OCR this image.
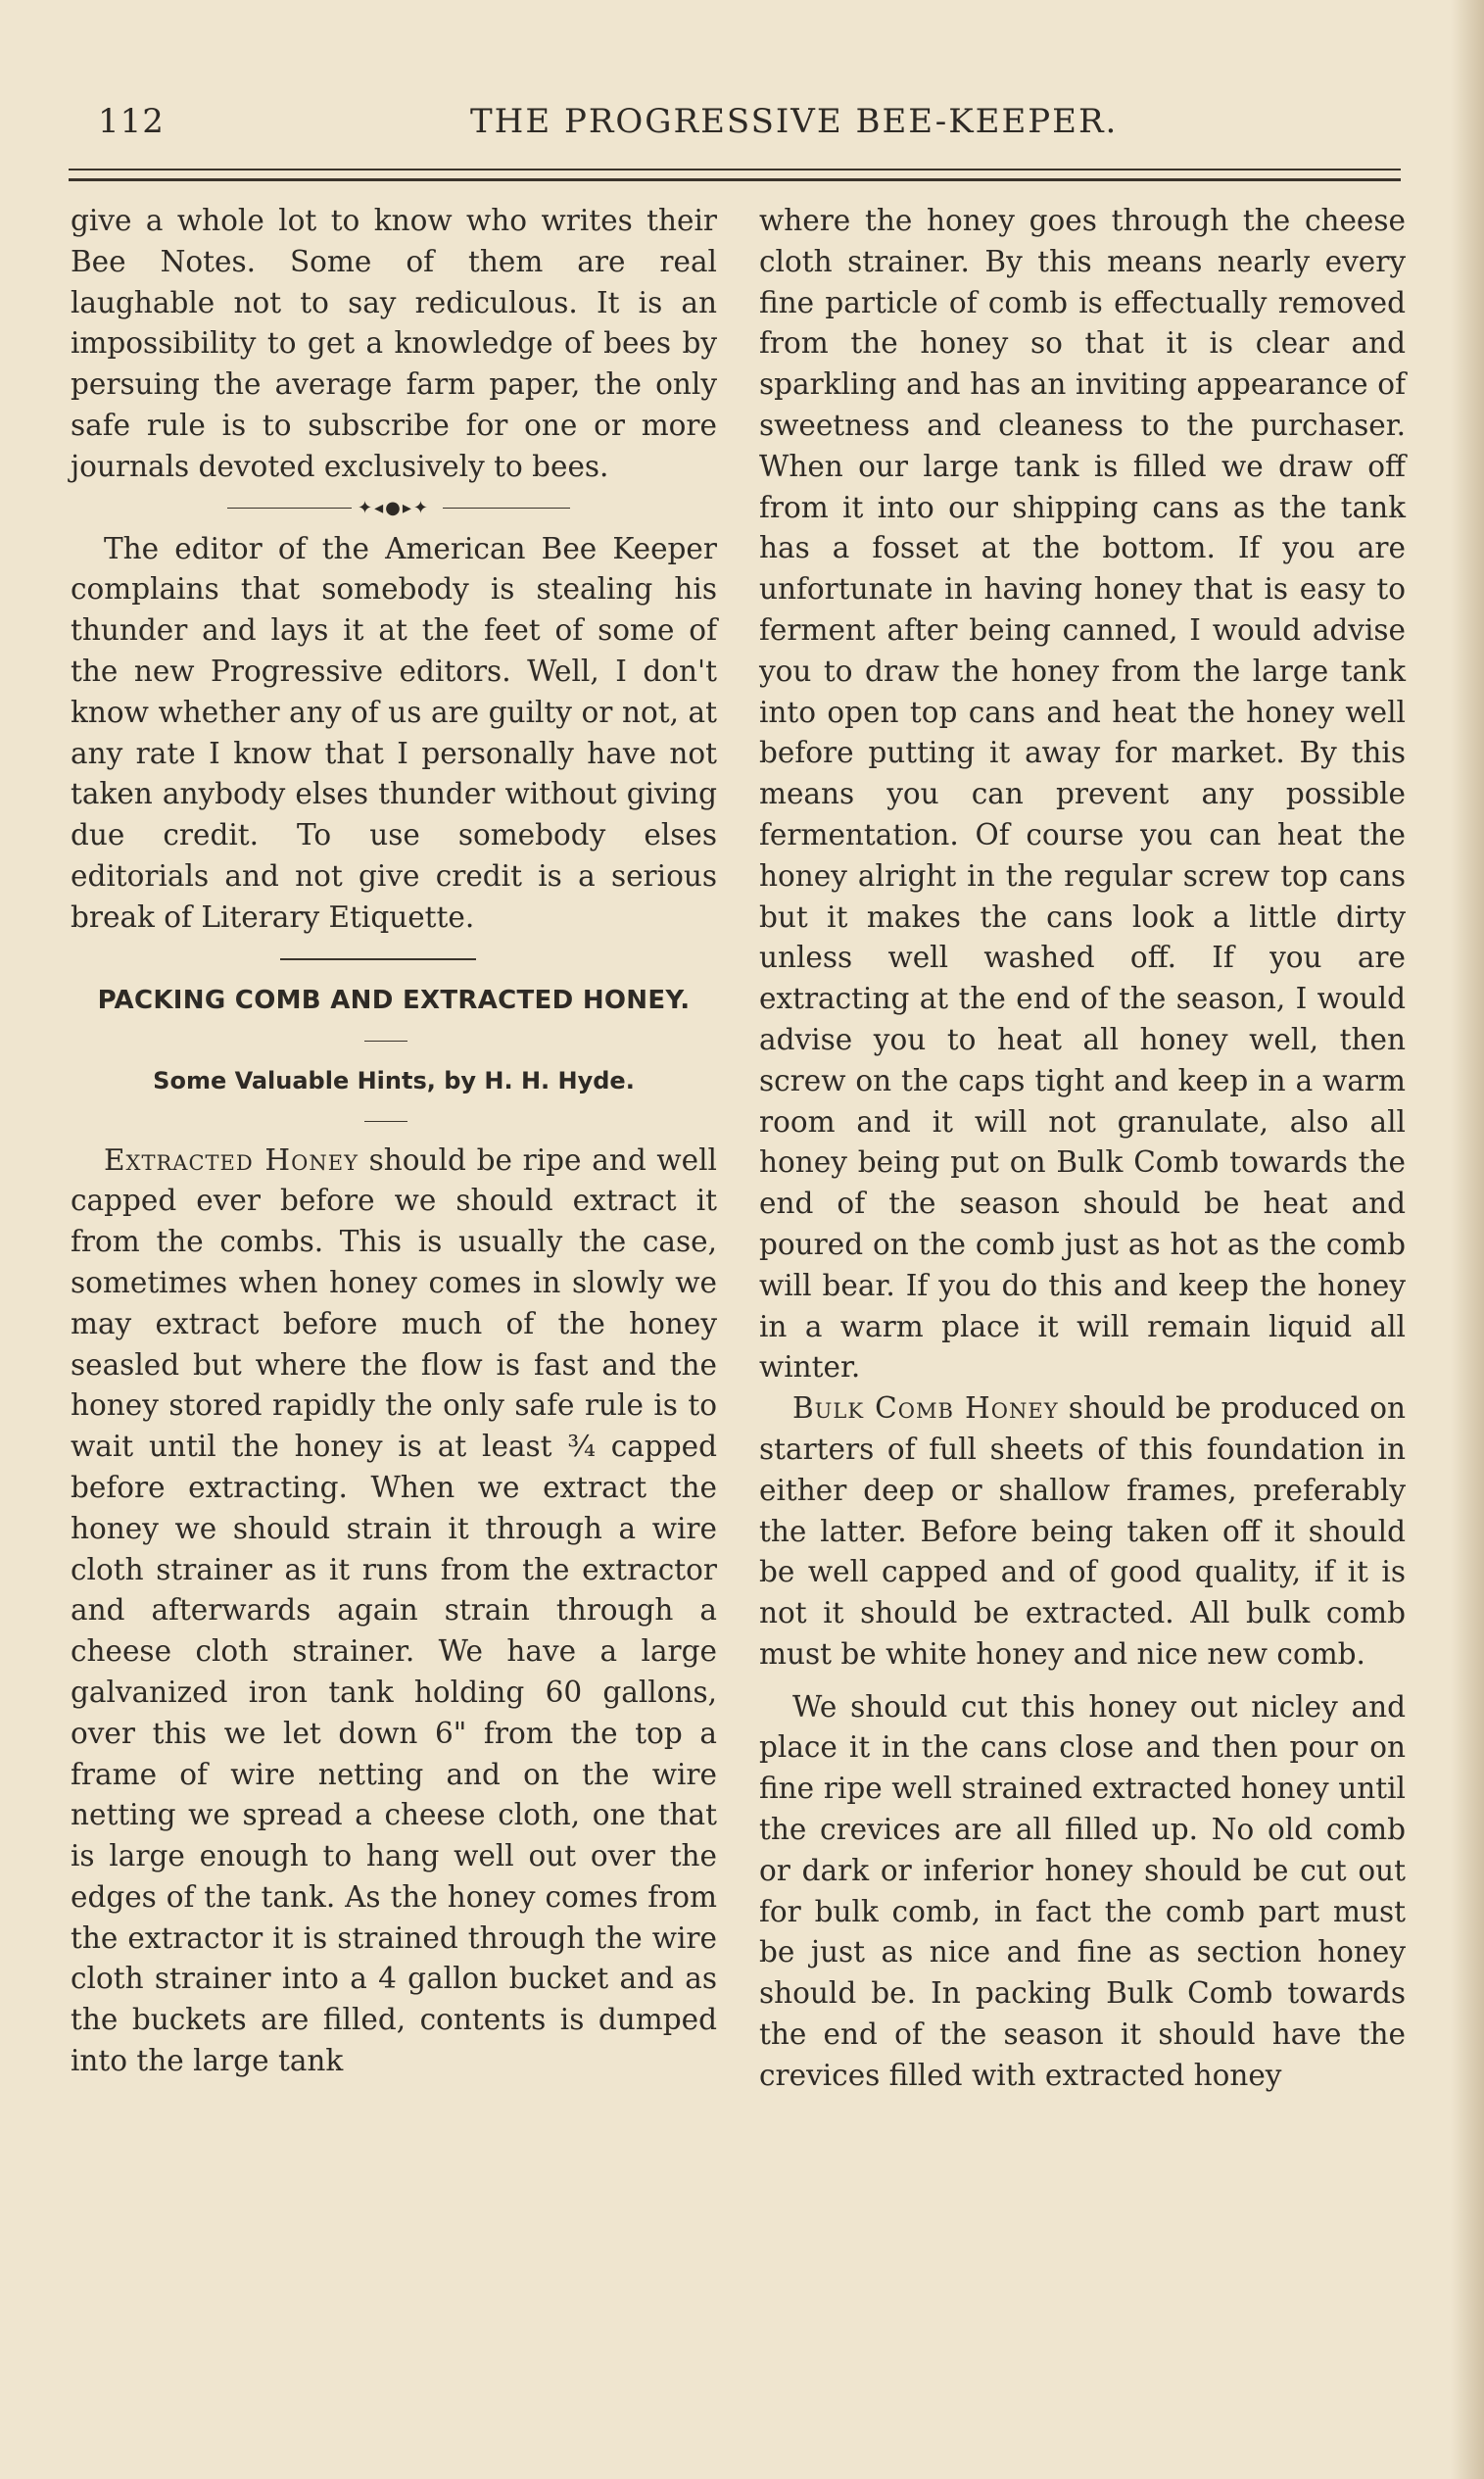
112	THE PROGRESSIVE BEE-KEEPER.

give a whole lot to know who writes their Bee Notes. Some of them are real laughable not to say rediculous. It is an impossibility to get a knowledge of bees by persuing the average farm paper, the only safe rule is to subscribe for one or more journals devoted exclusively to bees.

✦◂●▸✦

The editor of the American Bee Keeper complains that somebody is stealing his thunder and lays it at the feet of some of the new Progressive editors. Well, I don't know whether any of us are guilty or not, at any rate I know that I personally have not taken anybody elses thunder without giving due credit. To use somebody elses editorials and not give credit is a serious break of Literary Etiquette.

PACKING COMB AND EXTRACTED HONEY.

Some Valuable Hints, by H. H. Hyde.

Extracted Honey should be ripe and well capped ever before we should extract it from the combs. This is usually the case, sometimes when honey comes in slowly we may extract before much of the honey seasled but where the flow is fast and the honey stored rapidly the only safe rule is to wait until the honey is at least ¾ capped before extracting. When we extract the honey we should strain it through a wire cloth strainer as it runs from the extractor and afterwards again strain through a cheese cloth strainer. We have a large galvanized iron tank holding 60 gallons, over this we let down 6" from the top a frame of wire netting and on the wire netting we spread a cheese cloth, one that is large enough to hang well out over the edges of the tank. As the honey comes from the extractor it is strained through the wire cloth strainer into a 4 gallon bucket and as the buckets are filled, contents is dumped into the large tank

where the honey goes through the cheese cloth strainer. By this means nearly every fine particle of comb is effectually removed from the honey so that it is clear and sparkling and has an inviting appearance of sweetness and cleaness to the purchaser. When our large tank is filled we draw off from it into our shipping cans as the tank has a fosset at the bottom. If you are unfortunate in having honey that is easy to ferment after being canned, I would advise you to draw the honey from the large tank into open top cans and heat the honey well before putting it away for market. By this means you can prevent any possible fermentation. Of course you can heat the honey alright in the regular screw top cans but it makes the cans look a little dirty unless well washed off. If you are extracting at the end of the season, I would advise you to heat all honey well, then screw on the caps tight and keep in a warm room and it will not granulate, also all honey being put on Bulk Comb towards the end of the season should be heat and poured on the comb just as hot as the comb will bear. If you do this and keep the honey in a warm place it will remain liquid all winter.

Bulk Comb Honey should be produced on starters of full sheets of this foundation in either deep or shallow frames, preferably the latter. Before being taken off it should be well capped and of good quality, if it is not it should be extracted. All bulk comb must be white honey and nice new comb.

We should cut this honey out nicley and place it in the cans close and then pour on fine ripe well strained extracted honey until the crevices are all filled up. No old comb or dark or inferior honey should be cut out for bulk comb, in fact the comb part must be just as nice and fine as section honey should be. In packing Bulk Comb towards the end of the season it should have the crevices filled with extracted honey
